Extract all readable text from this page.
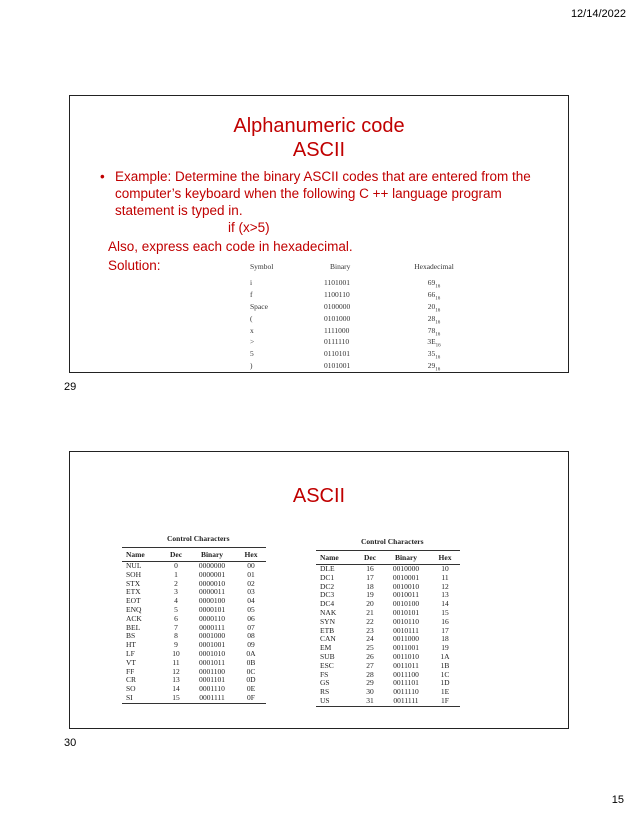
12/14/2022
Alphanumeric code
ASCII
• Example: Determine the binary ASCII codes that are entered from the computer’s keyboard when the following C ++ language program statement is typed in.
if (x>5)
Also, express each code in hexadecimal.
Solution:	Symbol	Binary	Hexadecimal
i	1101001	$69_{16}$
f	1100110	$66_{16}$
Space	0100000	$20_{16}$
(	0101000	$28_{16}$
x	1111000	$78_{16}$
>	0111110	$3E_{16}$
5	0110101	$35_{16}$
)	0101001	$29_{16}$
29
ASCII
Control Characters
Name	Dec	Binary	Hex
NUL	0	0000000	00
SOH	1	0000001	01
STX	2	0000010	02
ETX	3	0000011	03
EOT	4	0000100	04
ENQ	5	0000101	05
ACK	6	0000110	06
BEL	7	0000111	07
BS	8	0001000	08
HT	9	0001001	09
LF	10	0001010	0A
VT	11	0001011	0B
FF	12	0001100	0C
CR	13	0001101	0D
SO	14	0001110	0E
SI	15	0001111	0F
Control Characters
Name	Dec	Binary	Hex
DLE	16	0010000	10
DC1	17	0010001	11
DC2	18	0010010	12
DC3	19	0010011	13
DC4	20	0010100	14
NAK	21	0010101	15
SYN	22	0010110	16
ETB	23	0010111	17
CAN	24	0011000	18
EM	25	0011001	19
SUB	26	0011010	1A
ESC	27	0011011	1B
FS	28	0011100	1C
GS	29	0011101	1D
RS	30	0011110	1E
US	31	0011111	1F
30
15
